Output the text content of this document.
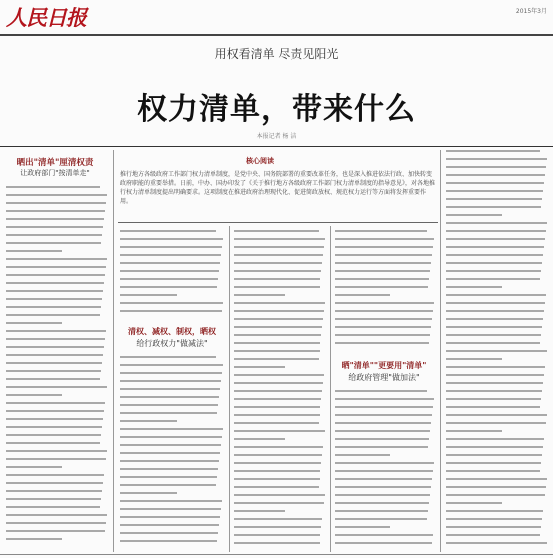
人民日报	2015年3月
用权看清单 尽责见阳光
权力清单，带来什么
本报记者 杨 洁
晒出"清单"厘清权责
让政府部门"按清单走"
核心阅读
推行地方各级政府工作部门权力清单制度，是党中央、国务院部署的重要改革任务，也是深入推进依法行政、加快转变政府职能的重要举措。日前，中办、国办印发了《关于推行地方各级政府工作部门权力清单制度的指导意见》，对各地推行权力清单制度提出明确要求。这项制度在推进政府治理现代化、促进简政放权、规范权力运行等方面将发挥重要作用。
清权、减权、制权，晒权
给行政权力"做减法"
晒"清单""更要用"清单"
给政府管理"做加法"
